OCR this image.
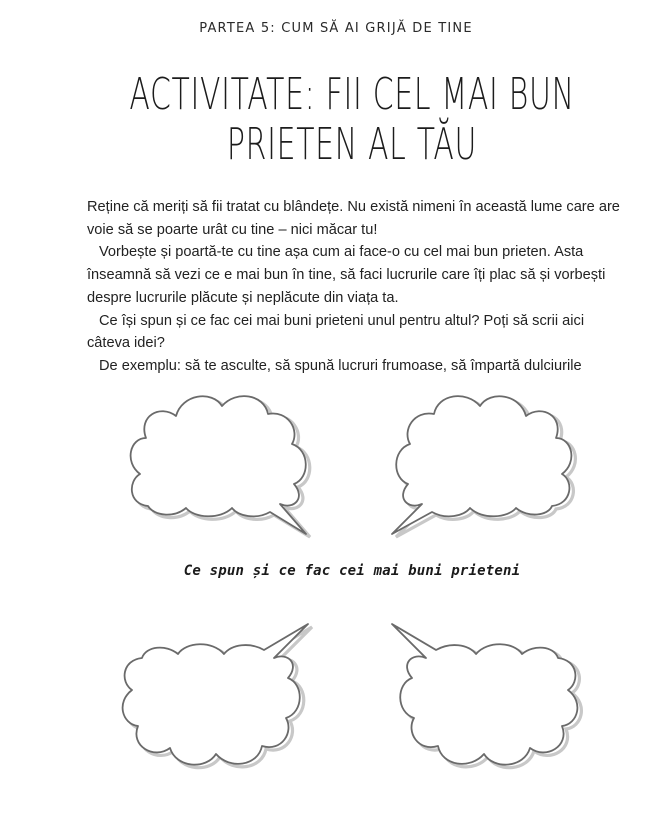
PARTEA 5: CUM SĂ AI GRIJĂ DE TINE
ACTIVITATE: FII CEL MAI BUN
PRIETEN AL TĂU

Reține că meriți să fii tratat cu blândețe. Nu există nimeni în această lume care are voie să se poarte urât cu tine – nici măcar tu!

Vorbește și poartă-te cu tine așa cum ai face-o cu cel mai bun prieten. Asta înseamnă să vezi ce e mai bun în tine, să faci lucrurile care îți plac să și vorbești despre lucrurile plăcute și neplăcute din viața ta.

Ce își spun și ce fac cei mai buni prieteni unul pentru altul? Poți să scrii aici câteva idei?

De exemplu: să te asculte, să spună lucruri frumoase, să împartă dulciurile

Ce spun și ce fac cei mai buni prieteni
